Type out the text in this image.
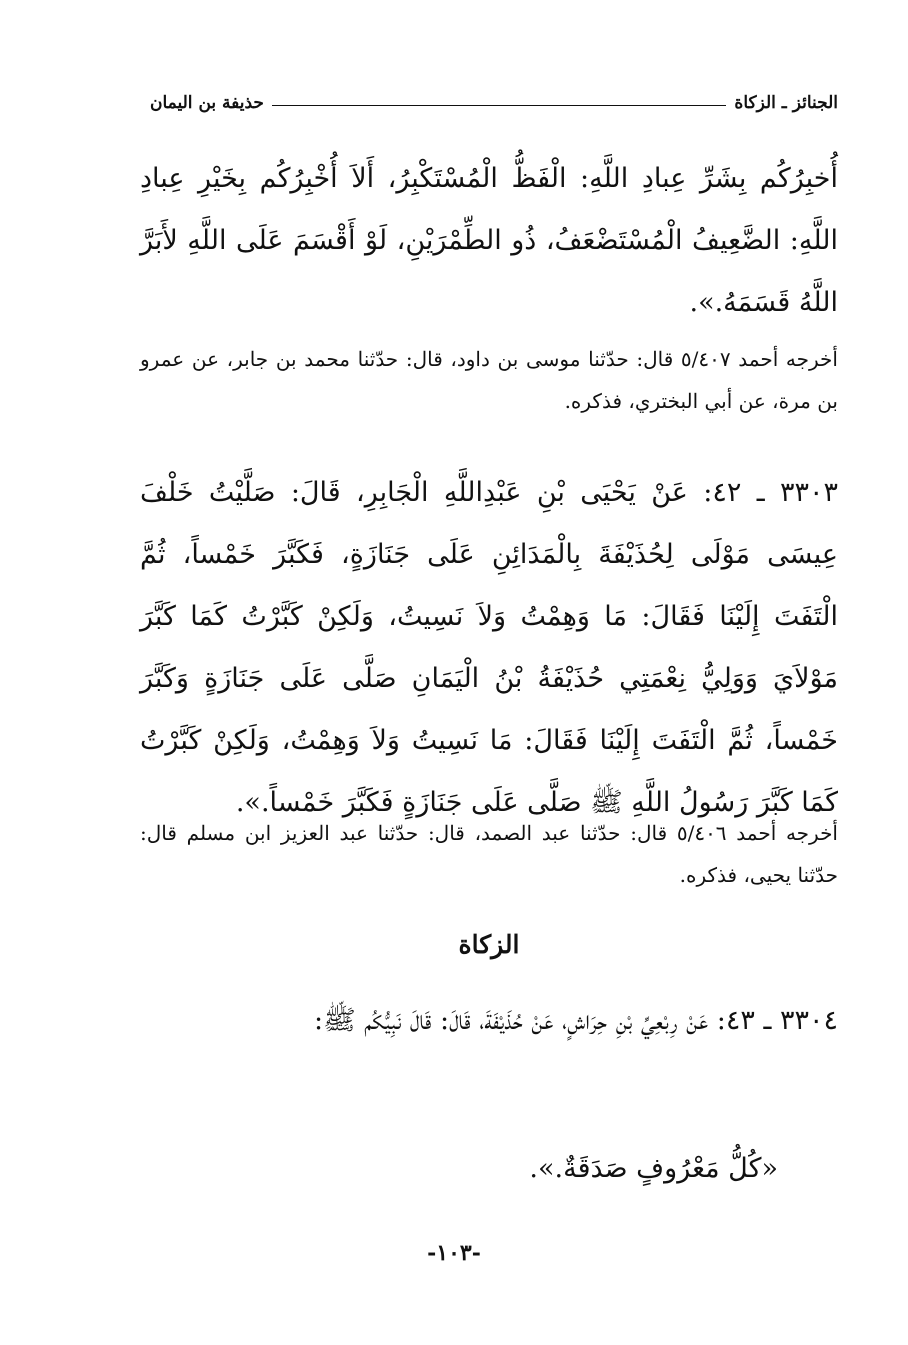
الجنائز ـ الزكاة
حذيفة بن اليمان
أُخبِرُكُم بِشَرِّ عِبادِ اللَّهِ: الْفَظُّ الْمُسْتَكْبِرُ، أَلاَ أُخْبِرُكُم بِخَيْرِ عِبادِ اللَّهِ: الضَّعِيفُ الْمُسْتَضْعَفُ، ذُو الطِّمْرَيْنِ، لَوْ أَقْسَمَ عَلَى اللَّهِ لأَبَرَّ اللَّهُ قَسَمَهُ.».
أخرجه أحمد ٥/٤٠٧ قال: حدّثنا موسى بن داود، قال: حدّثنا محمد بن جابر، عن عمرو بن مرة، عن أبي البختري، فذكره.
٣٣٠٣ ـ ٤٢: عَنْ يَحْيَى بْنِ عَبْدِاللَّهِ الْجَابِرِ، قَالَ: صَلَّيْتُ خَلْفَ عِيسَى مَوْلَى لِحُذَيْفَةَ بِالْمَدَائِنِ عَلَى جَنَازَةٍ، فَكَبَّرَ خَمْساً، ثُمَّ الْتَفَتَ إِلَيْنَا فَقَالَ: مَا وَهِمْتُ وَلاَ نَسِيتُ، وَلَكِنْ كَبَّرْتُ كَمَا كَبَّرَ مَوْلاَيَ وَوَلِيُّ نِعْمَتِي حُذَيْفَةُ بْنُ الْيَمَانِ صَلَّى عَلَى جَنَازَةٍ وَكَبَّرَ خَمْساً، ثُمَّ الْتَفَتَ إِلَيْنَا فَقَالَ: مَا نَسِيتُ وَلاَ وَهِمْتُ، وَلَكِنْ كَبَّرْتُ كَمَا كَبَّرَ رَسُولُ اللَّهِ ﷺ صَلَّى عَلَى جَنَازَةٍ فَكَبَّرَ خَمْساً.».
أخرجه أحمد ٥/٤٠٦ قال: حدّثنا عبد الصمد، قال: حدّثنا عبد العزيز ابن مسلم قال: حدّثنا يحيى، فذكره.
الزكاة
٣٣٠٤ ـ ٤٣: عَنْ رِبْعِيِّ بْنِ حِرَاشٍ، عَنْ حُذَيْفَةَ، قَالَ: قَالَ نَبِيُّكُم ﷺ:
«كُلُّ مَعْرُوفٍ صَدَقَةٌ.».
-١٠٣-
